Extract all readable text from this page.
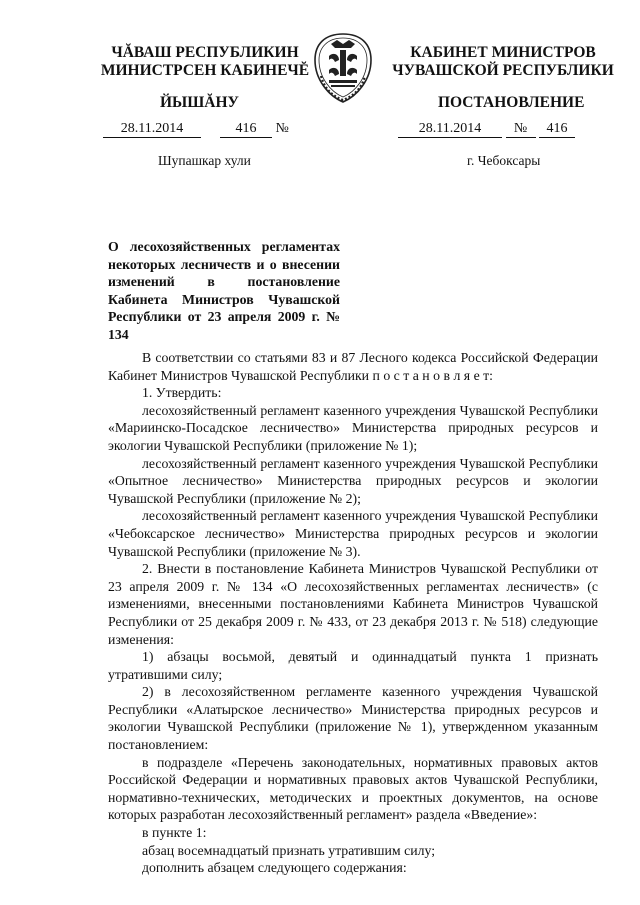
ЧĂВАШ РЕСПУБЛИКИН
МИНИСТРСЕН КАБИНЕЧĔ
КАБИНЕТ МИНИСТРОВ
ЧУВАШСКОЙ РЕСПУБЛИКИ
ЙЫШĂНУ	ПОСТАНОВЛЕНИЕ
28.11.2014	416 №	28.11.2014 № 416
Шупашкар хули	г. Чебоксары
О лесохозяйственных регламентах некоторых лесничеств и о внесении изменений в постановление Кабинета Министров Чувашской Республики от 23 апреля 2009 г. № 134

В соответствии со статьями 83 и 87 Лесного кодекса Российской Федерации Кабинет Министров Чувашской Республики п о с т а н о в л я е т:

1. Утвердить:

лесохозяйственный регламент казенного учреждения Чувашской Республики «Мариинско-Посадское лесничество» Министерства природных ресурсов и экологии Чувашской Республики (приложение № 1);

лесохозяйственный регламент казенного учреждения Чувашской Республики «Опытное лесничество» Министерства природных ресурсов и экологии Чувашской Республики (приложение № 2);

лесохозяйственный регламент казенного учреждения Чувашской Республики «Чебоксарское лесничество» Министерства природных ресурсов и экологии Чувашской Республики (приложение № 3).

2. Внести в постановление Кабинета Министров Чувашской Республики от 23 апреля 2009 г. № 134 «О лесохозяйственных регламентах лесничеств» (с изменениями, внесенными постановлениями Кабинета Министров Чувашской Республики от 25 декабря 2009 г. № 433, от 23 декабря 2013 г. № 518) следующие изменения:

1) абзацы восьмой, девятый и одиннадцатый пункта 1 признать утратившими силу;

2) в лесохозяйственном регламенте казенного учреждения Чувашской Республики «Алатырское лесничество» Министерства природных ресурсов и экологии Чувашской Республики (приложение № 1), утвержденном указанным постановлением:

в подразделе «Перечень законодательных, нормативных правовых актов Российской Федерации и нормативных правовых актов Чувашской Республики, нормативно-технических, методических и проектных документов, на основе которых разработан лесохозяйственный регламент» раздела «Введение»:

в пункте 1:

абзац восемнадцатый признать утратившим силу;

дополнить абзацем следующего содержания:
